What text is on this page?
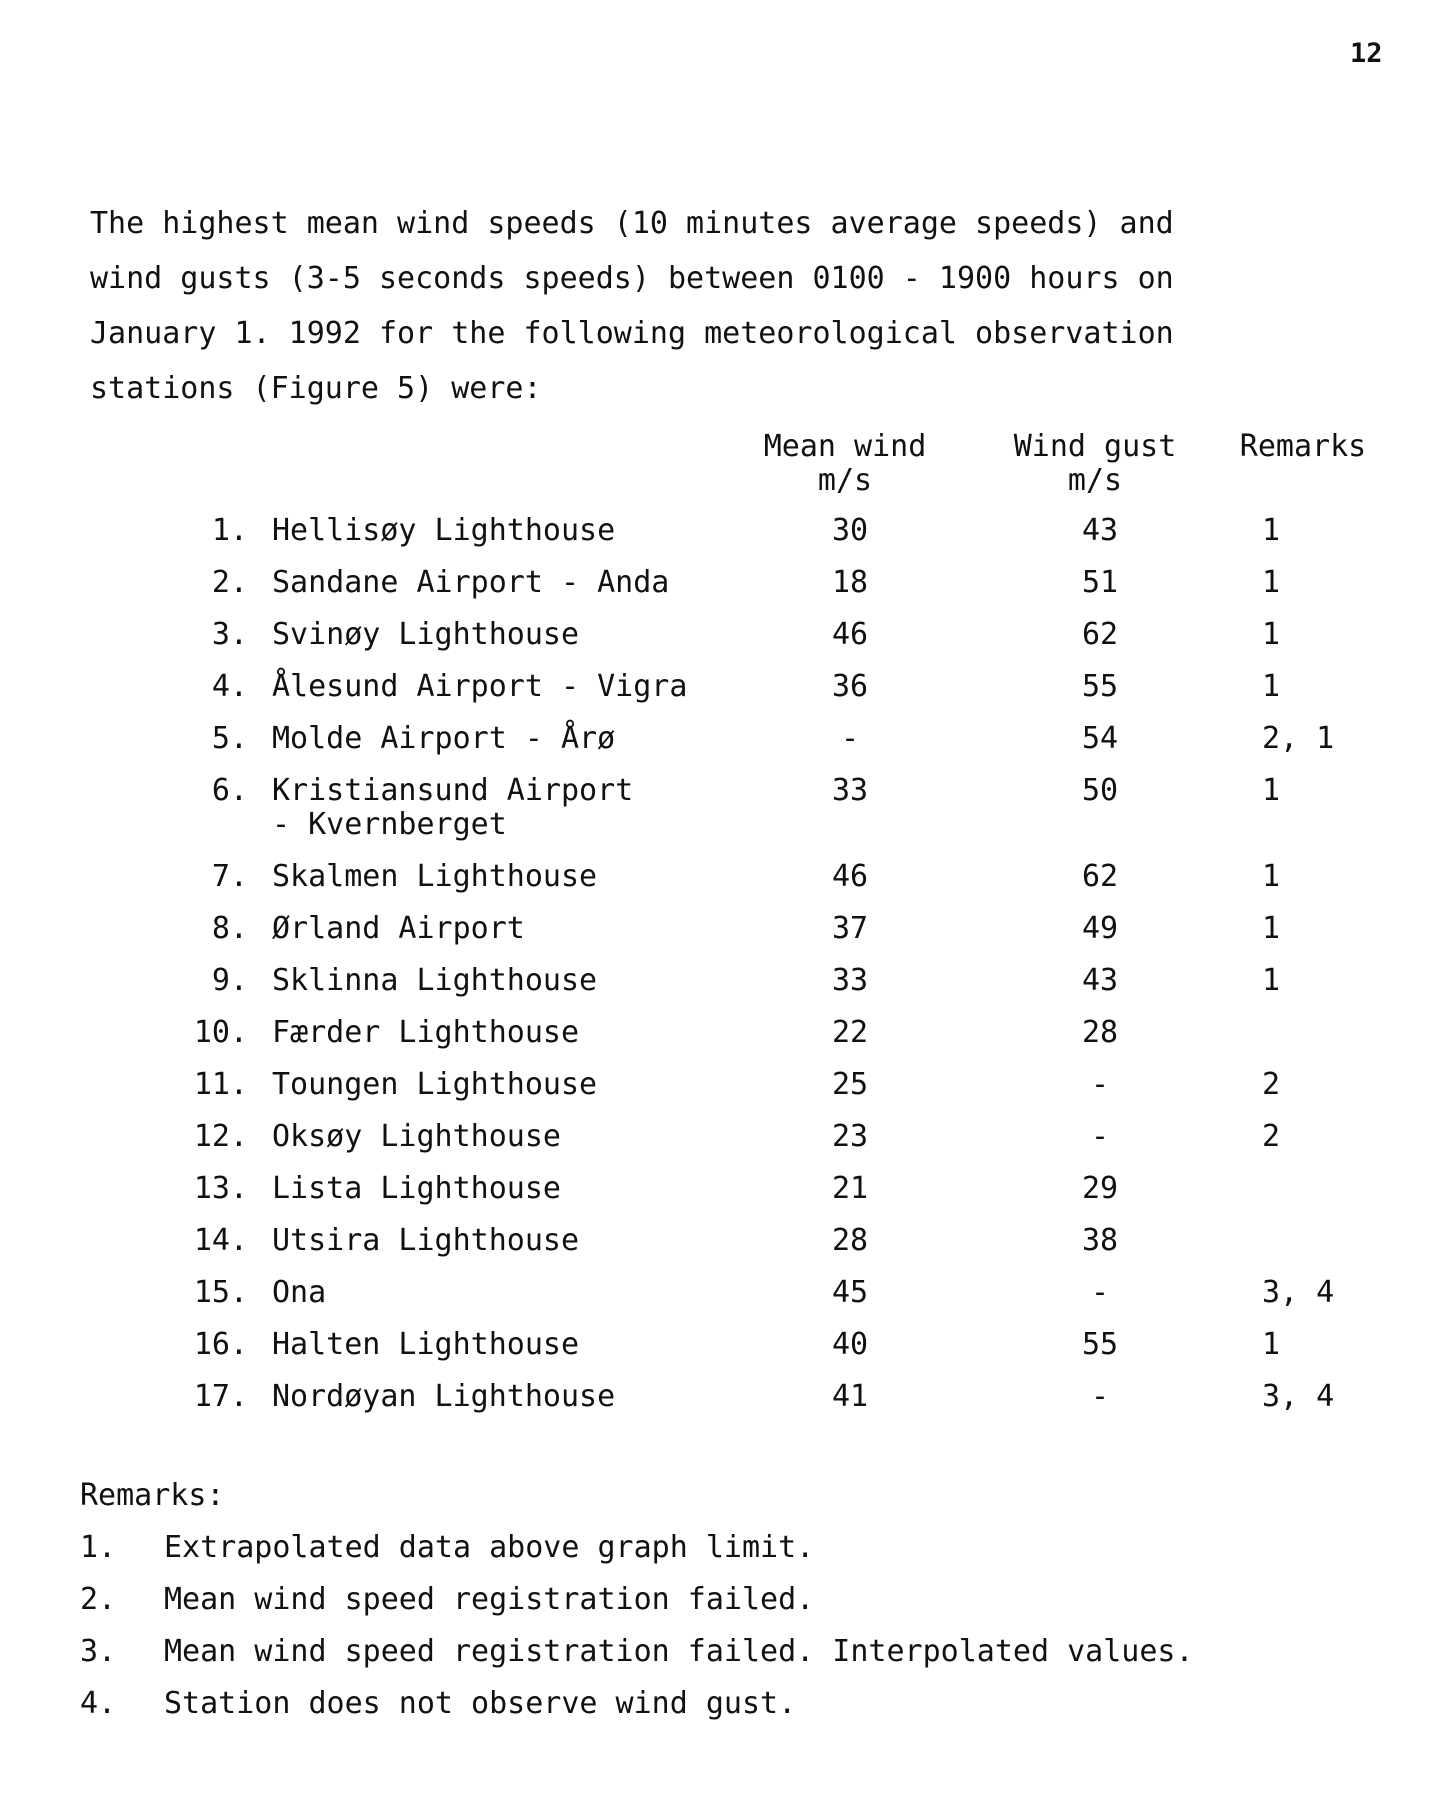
12
The highest mean wind speeds (10 minutes average speeds) and
wind gusts (3-5 seconds speeds) between 0100 - 1900 hours on
January 1. 1992 for the following meteorological observation
stations (Figure 5) were:
Mean wind
m/s
Wind gust
m/s
Remarks
1. Hellisøy Lighthouse	30	43	1
2. Sandane Airport - Anda	18	51	1
3. Svinøy Lighthouse	46	62	1
4. Ålesund Airport - Vigra	36	55	1
5. Molde Airport - Årø	-	54	2, 1
6. Kristiansund Airport
- Kvernberget
33	50	1
7. Skalmen Lighthouse	46	62	1
8. Ørland Airport	37	49	1
9. Sklinna Lighthouse	33	43	1
10. Færder Lighthouse	22	28
11. Toungen Lighthouse	25	-	2
12. Oksøy Lighthouse	23	-	2
13. Lista Lighthouse	21	29
14. Utsira Lighthouse	28	38
15. Ona	45	-	3, 4
16. Halten Lighthouse	40	55	1
17. Nordøyan Lighthouse	41	-	3, 4
Remarks:
1. Extrapolated data above graph limit.
2. Mean wind speed registration failed.
3. Mean wind speed registration failed. Interpolated values.
4. Station does not observe wind gust.
